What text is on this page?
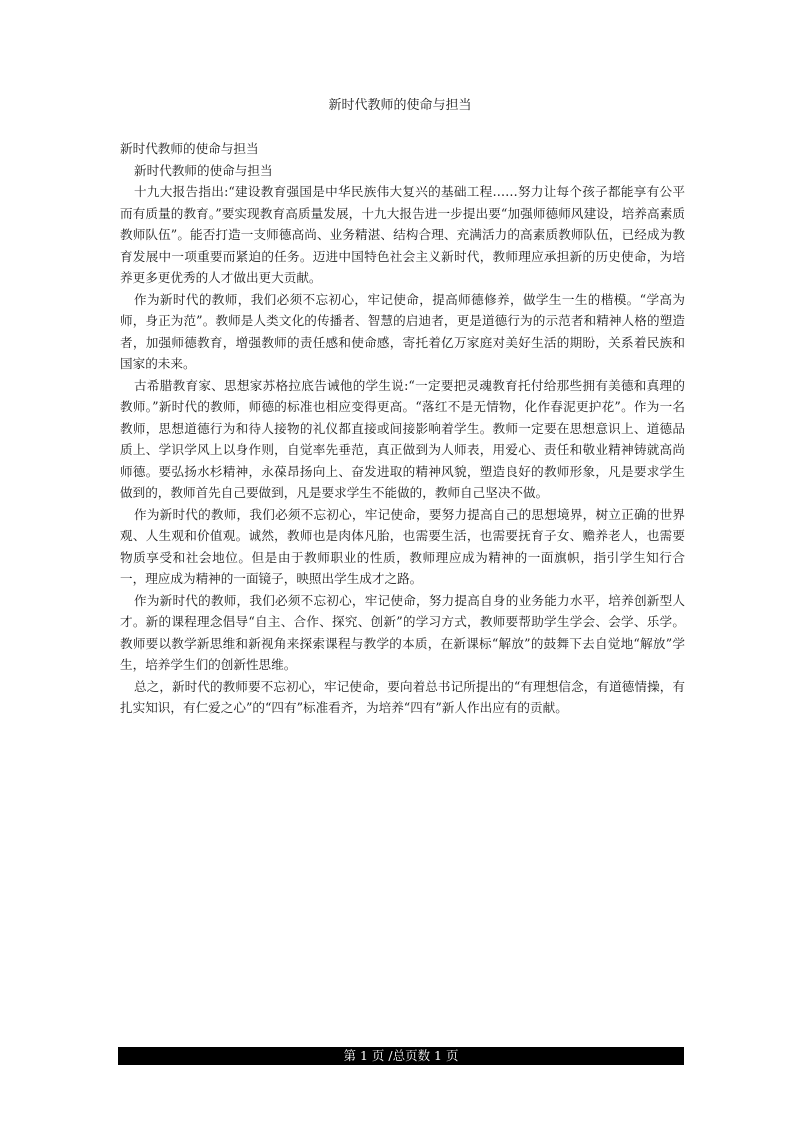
新时代教师的使命与担当

新时代教师的使命与担当

新时代教师的使命与担当

十九大报告指出:“建设教育强国是中华民族伟大复兴的基础工程……努力让每个孩子都能享有公平而有质量的教育。”要实现教育高质量发展，十九大报告进一步提出要“加强师德师风建设，培养高素质教师队伍”。能否打造一支师德高尚、业务精湛、结构合理、充满活力的高素质教师队伍，已经成为教育发展中一项重要而紧迫的任务。迈进中国特色社会主义新时代，教师理应承担新的历史使命，为培养更多更优秀的人才做出更大贡献。

作为新时代的教师，我们必须不忘初心，牢记使命，提高师德修养，做学生一生的楷模。“学高为师，身正为范”。教师是人类文化的传播者、智慧的启迪者，更是道德行为的示范者和精神人格的塑造者，加强师德教育，增强教师的责任感和使命感，寄托着亿万家庭对美好生活的期盼，关系着民族和国家的未来。

古希腊教育家、思想家苏格拉底告诫他的学生说:“一定要把灵魂教育托付给那些拥有美德和真理的教师。”新时代的教师，师德的标准也相应变得更高。“落红不是无情物，化作春泥更护花”。作为一名教师，思想道德行为和待人接物的礼仪都直接或间接影响着学生。教师一定要在思想意识上、道德品质上、学识学风上以身作则，自觉率先垂范，真正做到为人师表，用爱心、责任和敬业精神铸就高尚师德。要弘扬水杉精神，永葆昂扬向上、奋发进取的精神风貌，塑造良好的教师形象，凡是要求学生做到的，教师首先自己要做到，凡是要求学生不能做的，教师自己坚决不做。

作为新时代的教师，我们必须不忘初心，牢记使命，要努力提高自己的思想境界，树立正确的世界观、人生观和价值观。诚然，教师也是肉体凡胎，也需要生活，也需要抚育子女、赡养老人，也需要物质享受和社会地位。但是由于教师职业的性质，教师理应成为精神的一面旗帜，指引学生知行合一，理应成为精神的一面镜子，映照出学生成才之路。

作为新时代的教师，我们必须不忘初心，牢记使命，努力提高自身的业务能力水平，培养创新型人才。新的课程理念倡导“自主、合作、探究、创新”的学习方式，教师要帮助学生学会、会学、乐学。教师要以教学新思维和新视角来探索课程与教学的本质，在新课标“解放”的鼓舞下去自觉地“解放”学生，培养学生们的创新性思维。

总之，新时代的教师要不忘初心，牢记使命，要向着总书记所提出的“有理想信念，有道德情操，有扎实知识，有仁爱之心”的“四有”标准看齐，为培养“四有”新人作出应有的贡献。

第 1 页 /总页数 1 页
